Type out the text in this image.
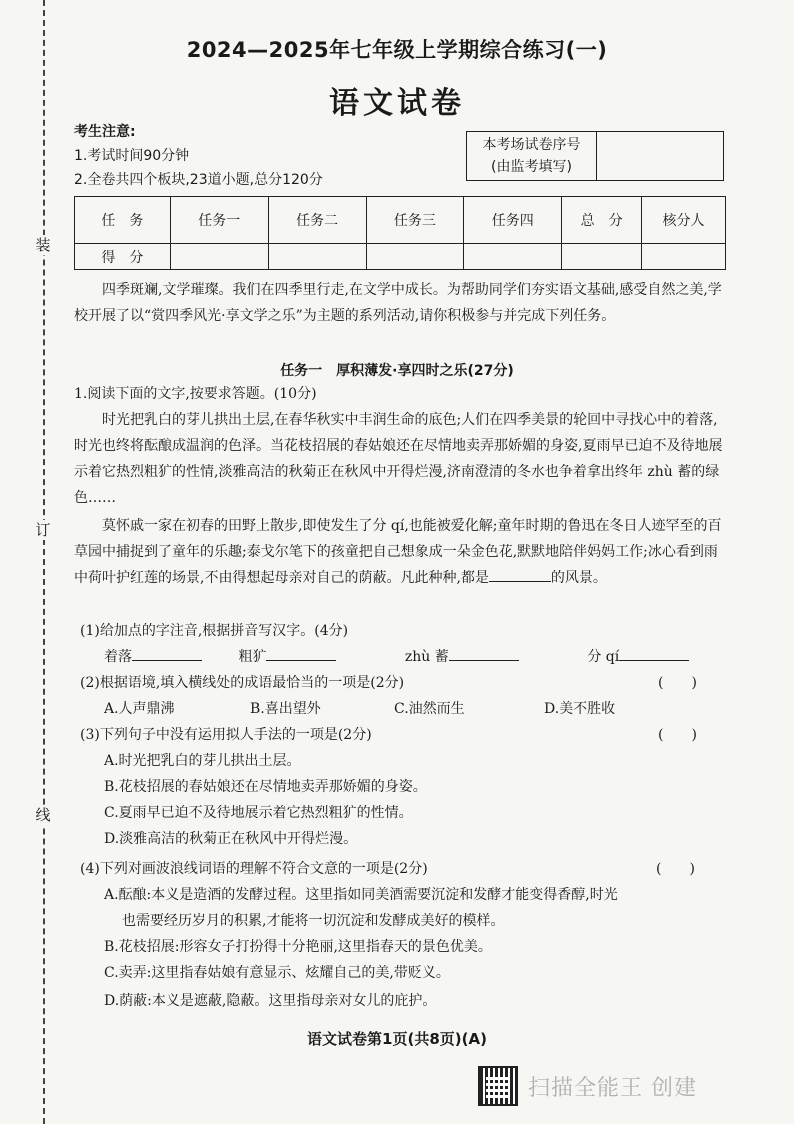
装
订
线
2024—2025年七年级上学期综合练习(一)
语文试卷
考生注意:
1.考试时间90分钟
2.全卷共四个板块,23道小题,总分120分
本考场试卷序号
(由监考填写)
任　务	任务一	任务二	任务三	任务四	总　分	核分人
得　分						
四季斑斓,文学璀璨。我们在四季里行走,在文学中成长。为帮助同学们夯实语文基础,感受自然之美,学校开展了以“赏四季风光·享文学之乐”为主题的系列活动,请你积极参与并完成下列任务。
任务一　厚积薄发·享四时之乐(27分)
1.阅读下面的文字,按要求答题。(10分)
时光把乳白的芽儿拱出土层,在春华秋实中丰润生命的底色;人们在四季美景的轮回中寻找心中的着落,时光也终将酝酿成温润的色泽。当花枝招展的春姑娘还在尽情地卖弄那娇媚的身姿,夏雨早已迫不及待地展示着它热烈粗犷的性情,淡雅高洁的秋菊正在秋风中开得烂漫,济南澄清的冬水也争着拿出终年 zhù 蓄的绿色……
莫怀戚一家在初春的田野上散步,即使发生了分 qí,也能被爱化解;童年时期的鲁迅在冬日人迹罕至的百草园中捕捉到了童年的乐趣;泰戈尔笔下的孩童把自己想象成一朵金色花,默默地陪伴妈妈工作;冰心看到雨中荷叶护红莲的场景,不由得想起母亲对自己的荫蔽。凡此种种,都是	的风景。
(1)给加点的字注音,根据拼音写汉字。(4分)
着落	粗犷	zhù 蓄	分 qí
(2)根据语境,填入横线处的成语最恰当的一项是(2分)	(　　)
A.人声鼎沸	B.喜出望外	C.油然而生	D.美不胜收
(3)下列句子中没有运用拟人手法的一项是(2分)	(　　)
A.时光把乳白的芽儿拱出土层。
B.花枝招展的春姑娘还在尽情地卖弄那娇媚的身姿。
C.夏雨早已迫不及待地展示着它热烈粗犷的性情。
D.淡雅高洁的秋菊正在秋风中开得烂漫。
(4)下列对画波浪线词语的理解不符合文意的一项是(2分)	(　　)
A.酝酿:本义是造酒的发酵过程。这里指如同美酒需要沉淀和发酵才能变得香醇,时光
也需要经历岁月的积累,才能将一切沉淀和发酵成美好的模样。
B.花枝招展:形容女子打扮得十分艳丽,这里指春天的景色优美。
C.卖弄:这里指春姑娘有意显示、炫耀自己的美,带贬义。
D.荫蔽:本义是遮蔽,隐蔽。这里指母亲对女儿的庇护。
语文试卷第1页(共8页)(A)
扫描全能王 创建
